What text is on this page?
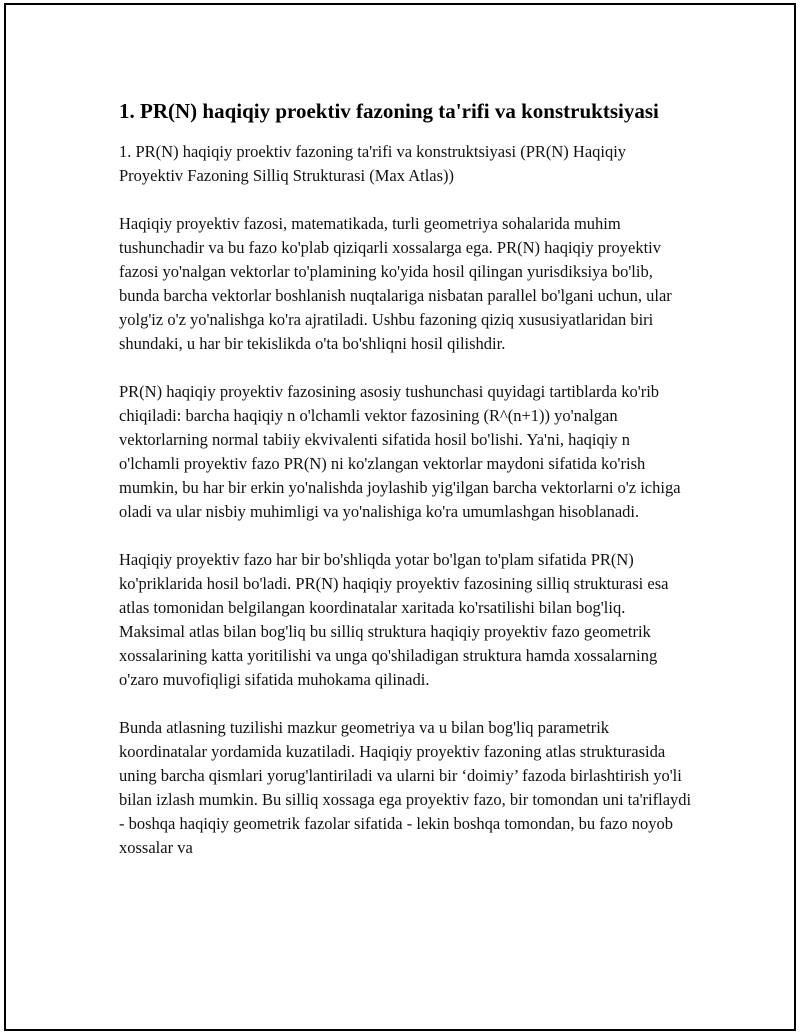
1. PR(N) haqiqiy proektiv fazoning ta'rifi va konstruktsiyasi

1. PR(N) haqiqiy proektiv fazoning ta'rifi va konstruktsiyasi (PR(N) Haqiqiy Proyektiv Fazoning Silliq Strukturasi (Max Atlas))

Haqiqiy proyektiv fazosi, matematikada, turli geometriya sohalarida muhim tushunchadir va bu fazo ko'plab qiziqarli xossalarga ega. PR(N) haqiqiy proyektiv fazosi yo'nalgan vektorlar to'plamining ko'yida hosil qilingan yurisdiksiya bo'lib, bunda barcha vektorlar boshlanish nuqtalariga nisbatan parallel bo'lgani uchun, ular yolg'iz o'z yo'nalishga ko'ra ajratiladi. Ushbu fazoning qiziq xususiyatlaridan biri shundaki, u har bir tekislikda o'ta bo'shliqni hosil qilishdir.

PR(N) haqiqiy proyektiv fazosining asosiy tushunchasi quyidagi tartiblarda ko'rib chiqiladi: barcha haqiqiy n o'lchamli vektor fazosining (R^(n+1)) yo'nalgan vektorlarning normal tabiiy ekvivalenti sifatida hosil bo'lishi. Ya'ni, haqiqiy n o'lchamli proyektiv fazo PR(N) ni ko'zlangan vektorlar maydoni sifatida ko'rish mumkin, bu har bir erkin yo'nalishda joylashib yig'ilgan barcha vektorlarni o'z ichiga oladi va ular nisbiy muhimligi va yo'nalishiga ko'ra umumlashgan hisoblanadi.

Haqiqiy proyektiv fazo har bir bo'shliqda yotar bo'lgan to'plam sifatida PR(N) ko'priklarida hosil bo'ladi. PR(N) haqiqiy proyektiv fazosining silliq strukturasi esa atlas tomonidan belgilangan koordinatalar xaritada ko'rsatilishi bilan bog'liq. Maksimal atlas bilan bog'liq bu silliq struktura haqiqiy proyektiv fazo geometrik xossalarining katta yoritilishi va unga qo'shiladigan struktura hamda xossalarning o'zaro muvofiqligi sifatida muhokama qilinadi.

Bunda atlasning tuzilishi mazkur geometriya va u bilan bog'liq parametrik koordinatalar yordamida kuzatiladi. Haqiqiy proyektiv fazoning atlas strukturasida uning barcha qismlari yorug'lantiriladi va ularni bir ‘doimiy’ fazoda birlashtirish yo'li bilan izlash mumkin. Bu silliq xossaga ega proyektiv fazo, bir tomondan uni ta'riflaydi - boshqa haqiqiy geometrik fazolar sifatida - lekin boshqa tomondan, bu fazo noyob xossalar va
